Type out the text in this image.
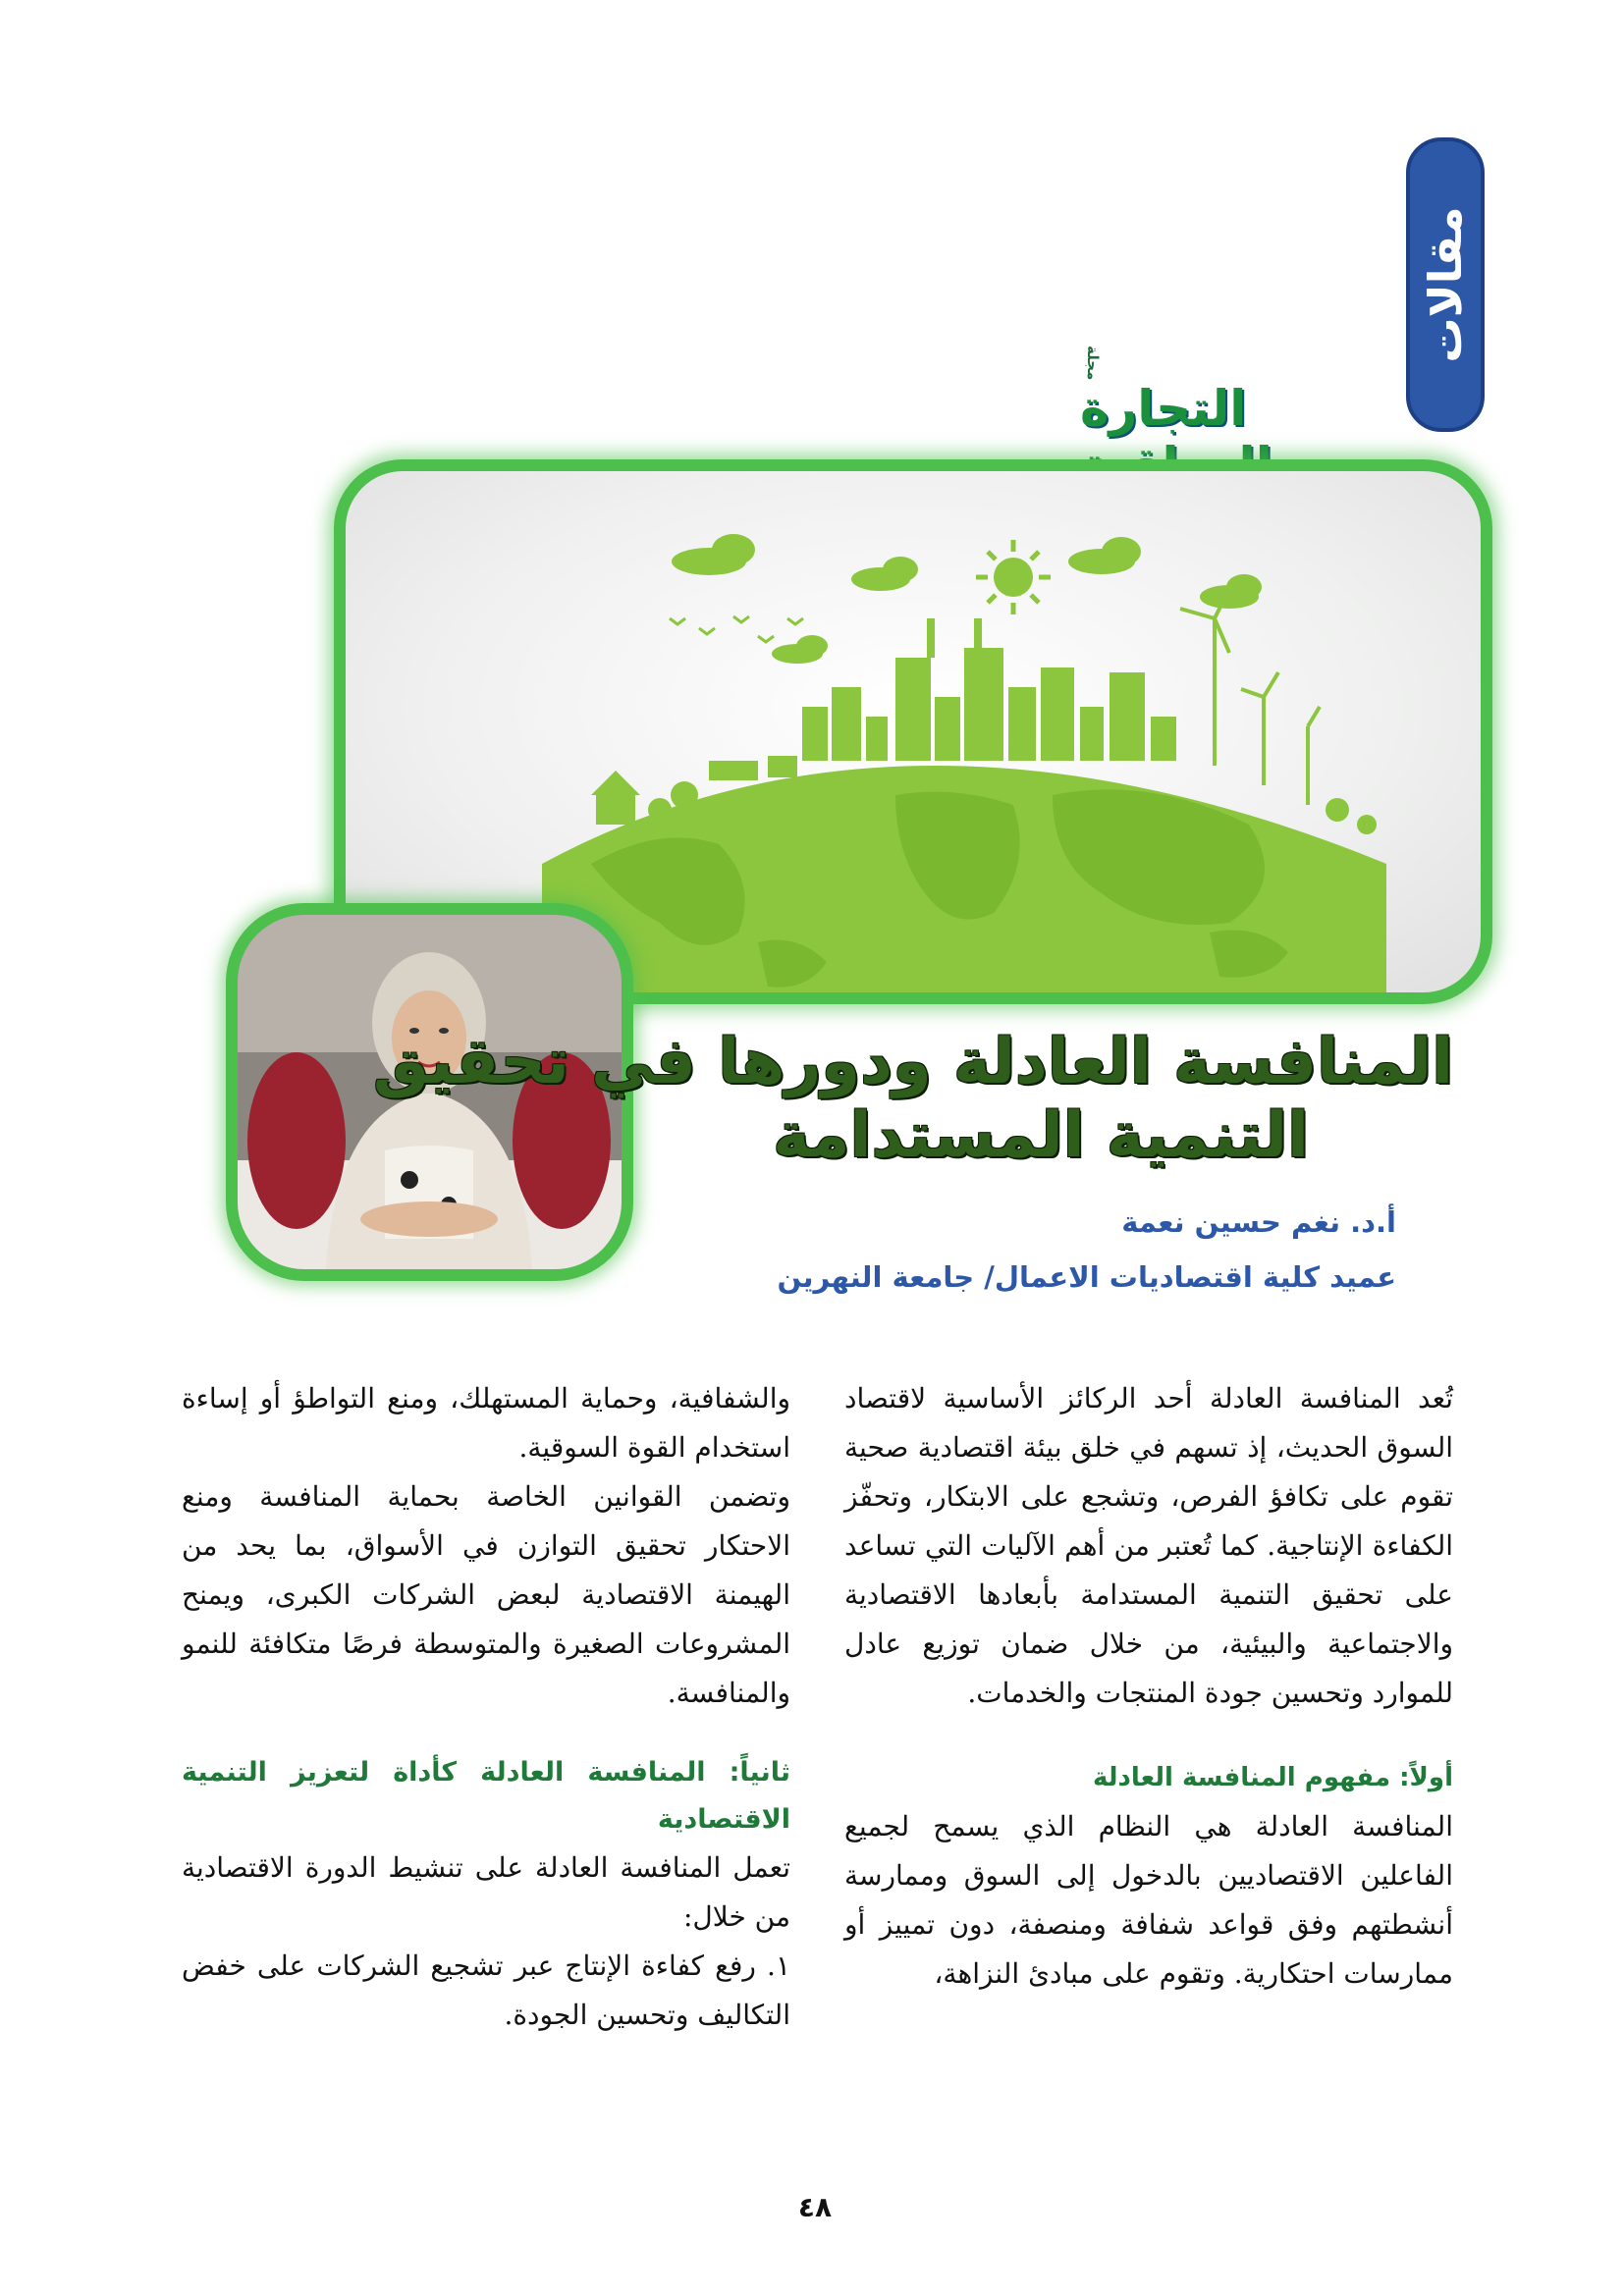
مقالات
مجلة التجارة
المنافسة العادلة ودورها في تحقيق
التنمية المستدامة
أ.د. نغم حسين نعمة
عميد كلية اقتصاديات الاعمال/ جامعة النهرين

تُعد المنافسة العادلة أحد الركائز الأساسية لاقتصاد السوق الحديث، إذ تسهم في خلق بيئة اقتصادية صحية تقوم على تكافؤ الفرص، وتشجع على الابتكار، وتحفّز الكفاءة الإنتاجية. كما تُعتبر من أهم الآليات التي تساعد على تحقيق التنمية المستدامة بأبعادها الاقتصادية والاجتماعية والبيئية، من خلال ضمان توزيع عادل للموارد وتحسين جودة المنتجات والخدمات.

أولاً: مفهوم المنافسة العادلة

المنافسة العادلة هي النظام الذي يسمح لجميع الفاعلين الاقتصاديين بالدخول إلى السوق وممارسة أنشطتهم وفق قواعد شفافة ومنصفة، دون تمييز أو ممارسات احتكارية. وتقوم على مبادئ النزاهة،

والشفافية، وحماية المستهلك، ومنع التواطؤ أو إساءة استخدام القوة السوقية.

وتضمن القوانين الخاصة بحماية المنافسة ومنع الاحتكار تحقيق التوازن في الأسواق، بما يحد من الهيمنة الاقتصادية لبعض الشركات الكبرى، ويمنح المشروعات الصغيرة والمتوسطة فرصًا متكافئة للنمو والمنافسة.

ثانياً: المنافسة العادلة كأداة لتعزيز التنمية الاقتصادية

تعمل المنافسة العادلة على تنشيط الدورة الاقتصادية من خلال:

١. رفع كفاءة الإنتاج عبر تشجيع الشركات على خفض التكاليف وتحسين الجودة.

٤٨
